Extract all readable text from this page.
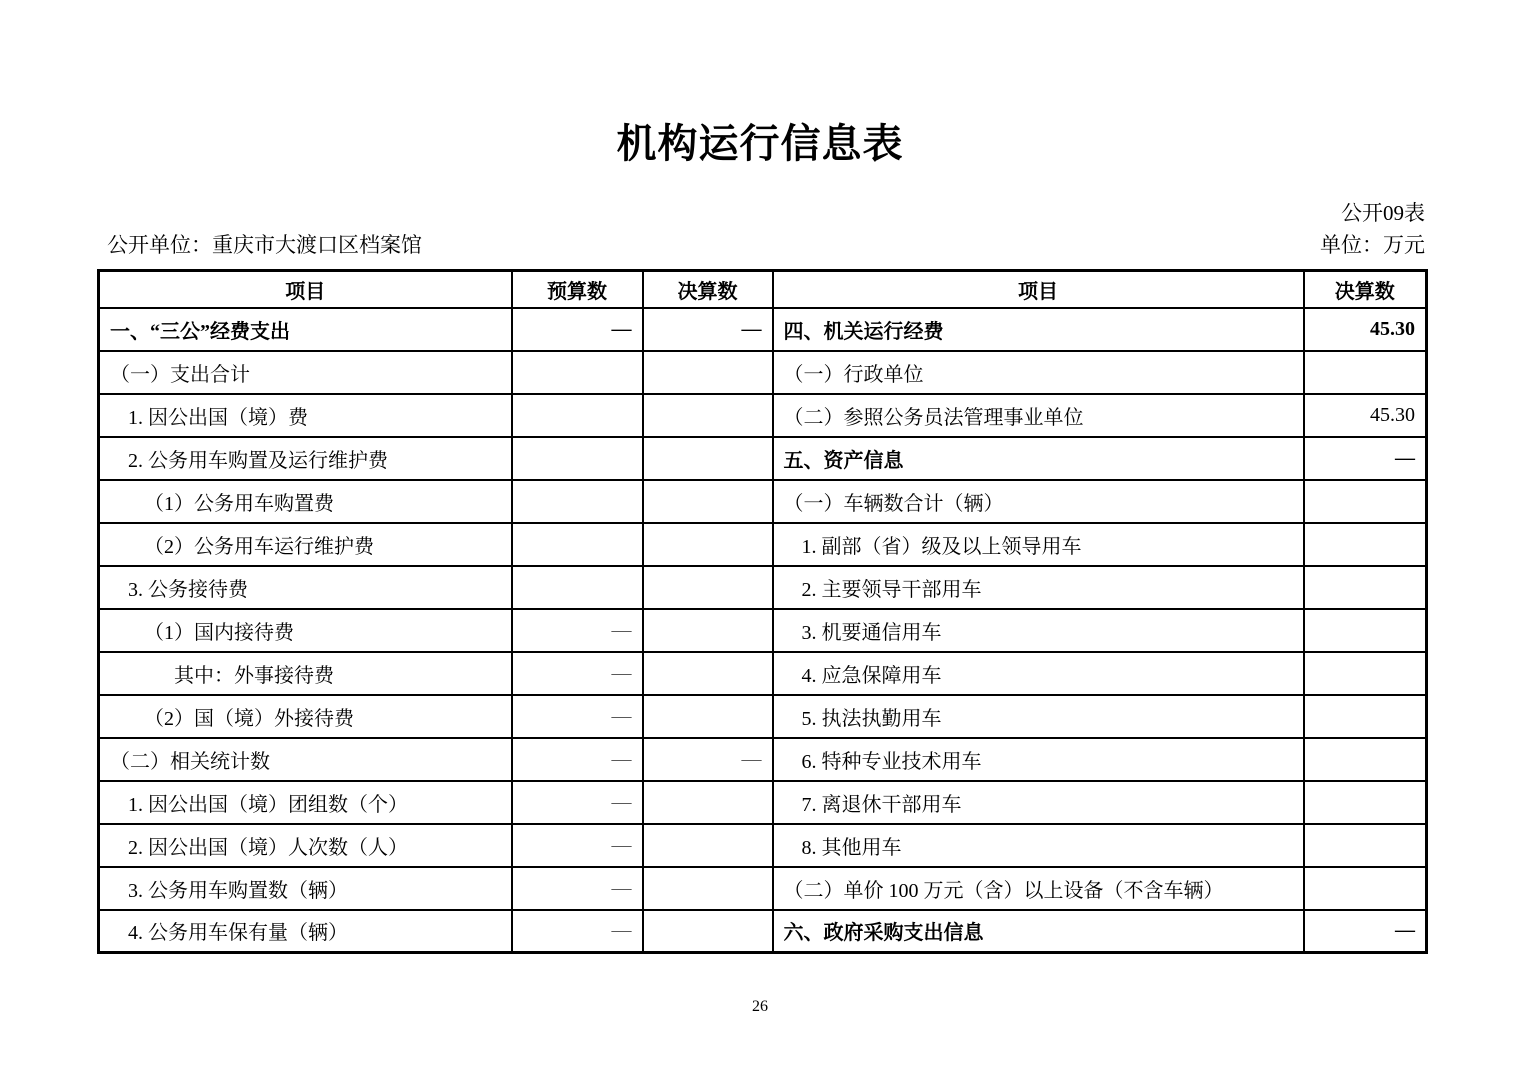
机构运行信息表
公开09表
公开单位：重庆市大渡口区档案馆	单位：万元
项目	预算数	决算数	项目	决算数
一、“三公”经费支出	—	—	四、机关运行经费	45.30
（一）支出合计			（一）行政单位	
1. 因公出国（境）费			（二）参照公务员法管理事业单位	45.30
2. 公务用车购置及运行维护费			五、资产信息	—
（1）公务用车购置费			（一）车辆数合计（辆）	
（2）公务用车运行维护费			1. 副部（省）级及以上领导用车	
3. 公务接待费			2. 主要领导干部用车	
（1）国内接待费	—		3. 机要通信用车	
其中：外事接待费	—		4. 应急保障用车	
（2）国（境）外接待费	—		5. 执法执勤用车	
（二）相关统计数	—	—	6. 特种专业技术用车	
1. 因公出国（境）团组数（个）	—		7. 离退休干部用车	
2. 因公出国（境）人次数（人）	—		8. 其他用车	
3. 公务用车购置数（辆）	—		（二）单价 100 万元（含）以上设备（不含车辆）	
4. 公务用车保有量（辆）	—		六、政府采购支出信息	—
26
